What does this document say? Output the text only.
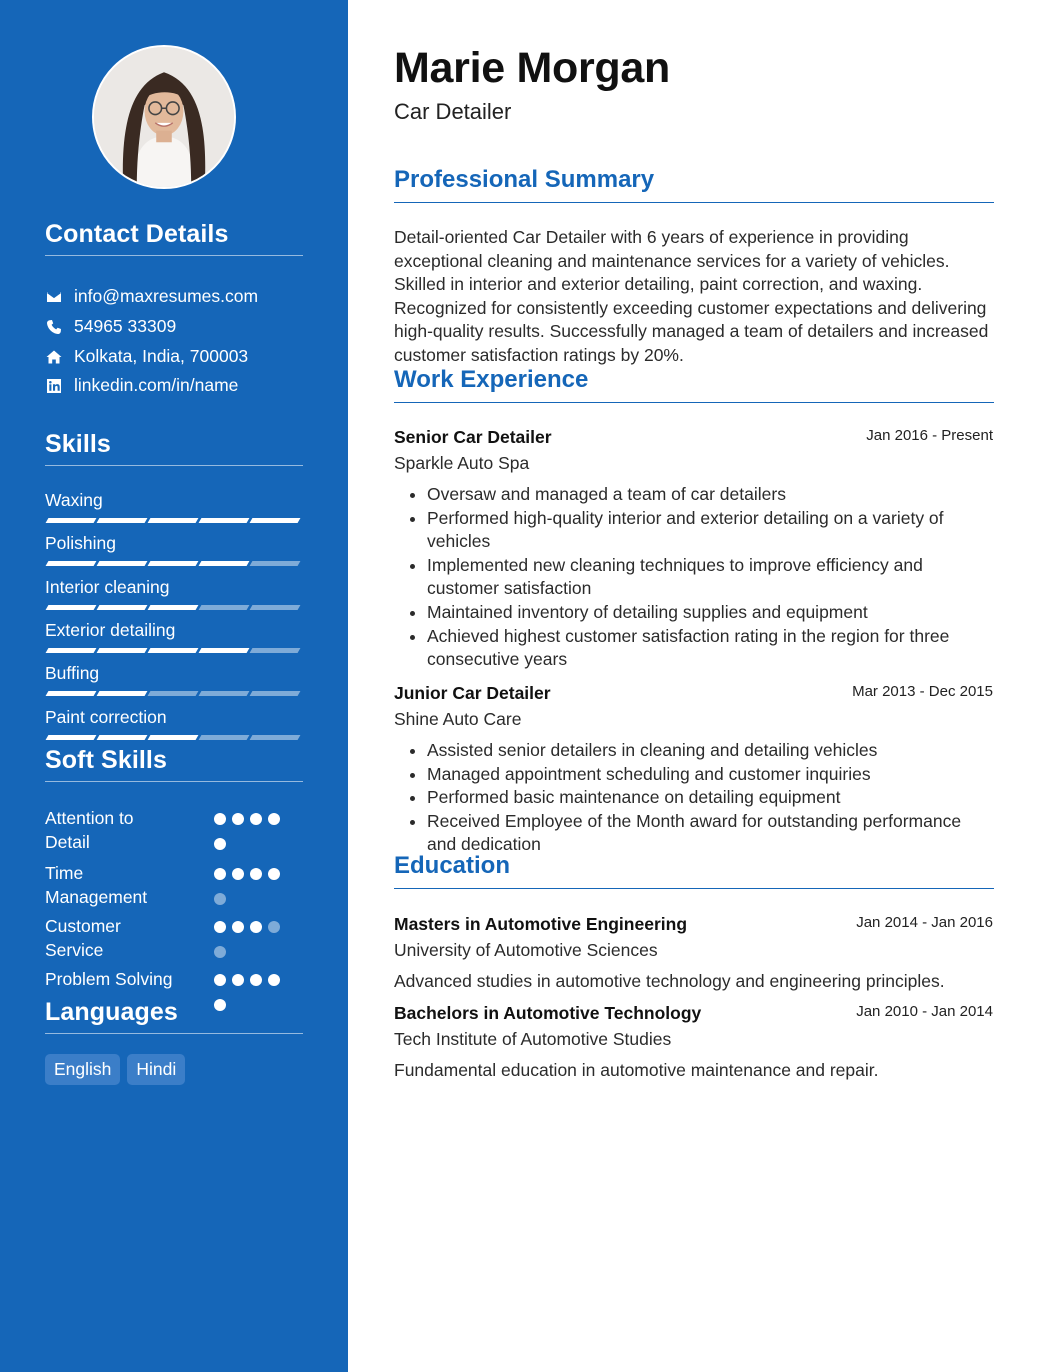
Contact Details
info@maxresumes.com
54965 33309
Kolkata, India, 700003
linkedin.com/in/name
Skills
Waxing
Polishing
Interior cleaning
Exterior detailing
Buffing
Paint correction
Soft Skills
Attention to Detail
Time Management
Customer Service
Problem Solving
Languages
English	Hindi
Marie Morgan
Car Detailer
Professional Summary
Detail-oriented Car Detailer with 6 years of experience in providing exceptional cleaning and maintenance services for a variety of vehicles. Skilled in interior and exterior detailing, paint correction, and waxing. Recognized for consistently exceeding customer expectations and delivering high-quality results. Successfully managed a team of detailers and increased customer satisfaction ratings by 20%.
Work Experience
Senior Car Detailer	Jan 2016 - Present
Sparkle Auto Spa
• Oversaw and managed a team of car detailers
• Performed high-quality interior and exterior detailing on a variety of vehicles
• Implemented new cleaning techniques to improve efficiency and customer satisfaction
• Maintained inventory of detailing supplies and equipment
• Achieved highest customer satisfaction rating in the region for three consecutive years
Junior Car Detailer	Mar 2013 - Dec 2015
Shine Auto Care
• Assisted senior detailers in cleaning and detailing vehicles
• Managed appointment scheduling and customer inquiries
• Performed basic maintenance on detailing equipment
• Received Employee of the Month award for outstanding performance and dedication
Education
Masters in Automotive Engineering	Jan 2014 - Jan 2016
University of Automotive Sciences
Advanced studies in automotive technology and engineering principles.
Bachelors in Automotive Technology	Jan 2010 - Jan 2014
Tech Institute of Automotive Studies
Fundamental education in automotive maintenance and repair.
